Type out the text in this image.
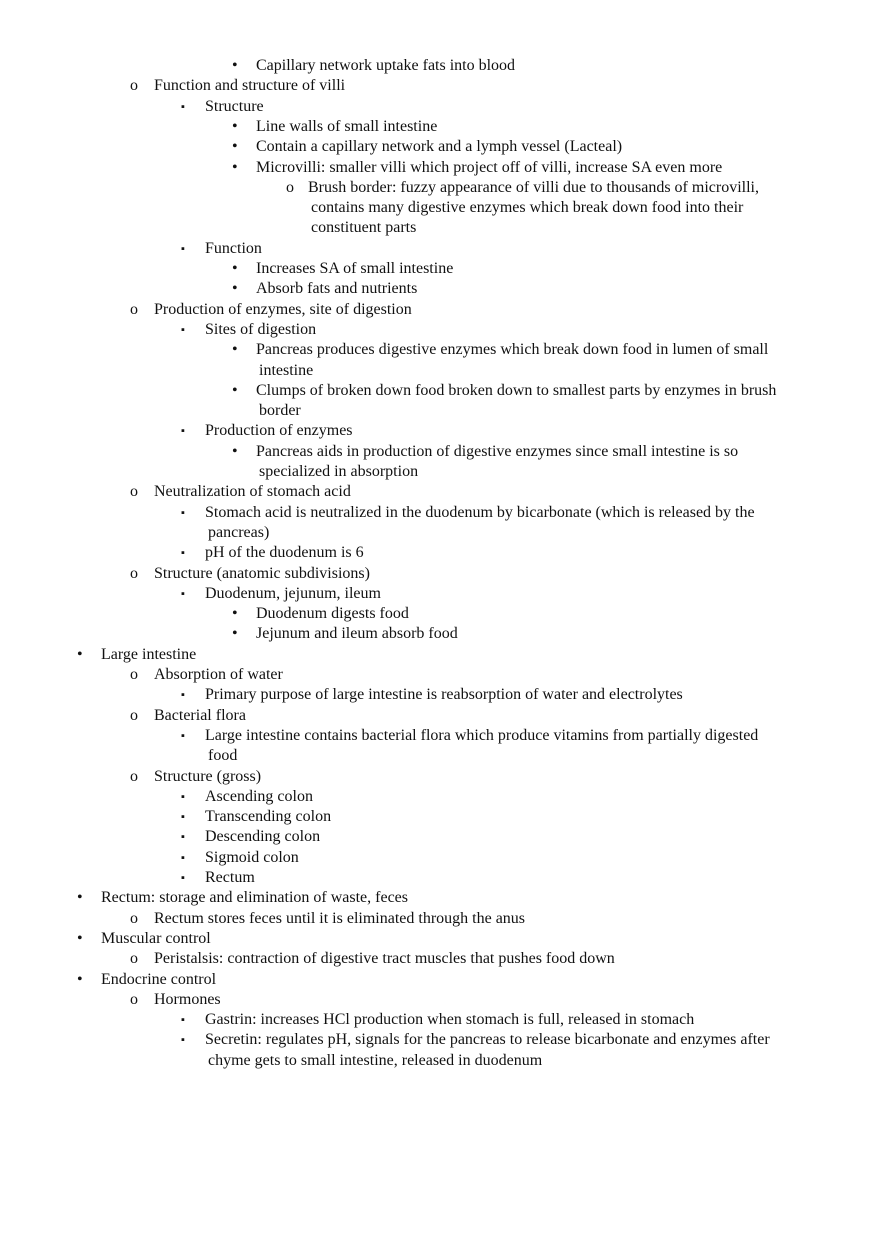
• Capillary network uptake fats into blood
o Function and structure of villi
▪ Structure
• Line walls of small intestine
• Contain a capillary network and a lymph vessel (Lacteal)
• Microvilli: smaller villi which project off of villi, increase SA even more
o Brush border: fuzzy appearance of villi due to thousands of microvilli,
contains many digestive enzymes which break down food into their
constituent parts
▪ Function
• Increases SA of small intestine
• Absorb fats and nutrients
o Production of enzymes, site of digestion
▪ Sites of digestion
• Pancreas produces digestive enzymes which break down food in lumen of small
intestine
• Clumps of broken down food broken down to smallest parts by enzymes in brush
border
▪ Production of enzymes
• Pancreas aids in production of digestive enzymes since small intestine is so
specialized in absorption
o Neutralization of stomach acid
▪ Stomach acid is neutralized in the duodenum by bicarbonate (which is released by the
pancreas)
▪ pH of the duodenum is 6
o Structure (anatomic subdivisions)
▪ Duodenum, jejunum, ileum
• Duodenum digests food
• Jejunum and ileum absorb food
• Large intestine
o Absorption of water
▪ Primary purpose of large intestine is reabsorption of water and electrolytes
o Bacterial flora
▪ Large intestine contains bacterial flora which produce vitamins from partially digested
food
o Structure (gross)
▪ Ascending colon
▪ Transcending colon
▪ Descending colon
▪ Sigmoid colon
▪ Rectum
• Rectum: storage and elimination of waste, feces
o Rectum stores feces until it is eliminated through the anus
• Muscular control
o Peristalsis: contraction of digestive tract muscles that pushes food down
• Endocrine control
o Hormones
▪ Gastrin: increases HCl production when stomach is full, released in stomach
▪ Secretin: regulates pH, signals for the pancreas to release bicarbonate and enzymes after
chyme gets to small intestine, released in duodenum
